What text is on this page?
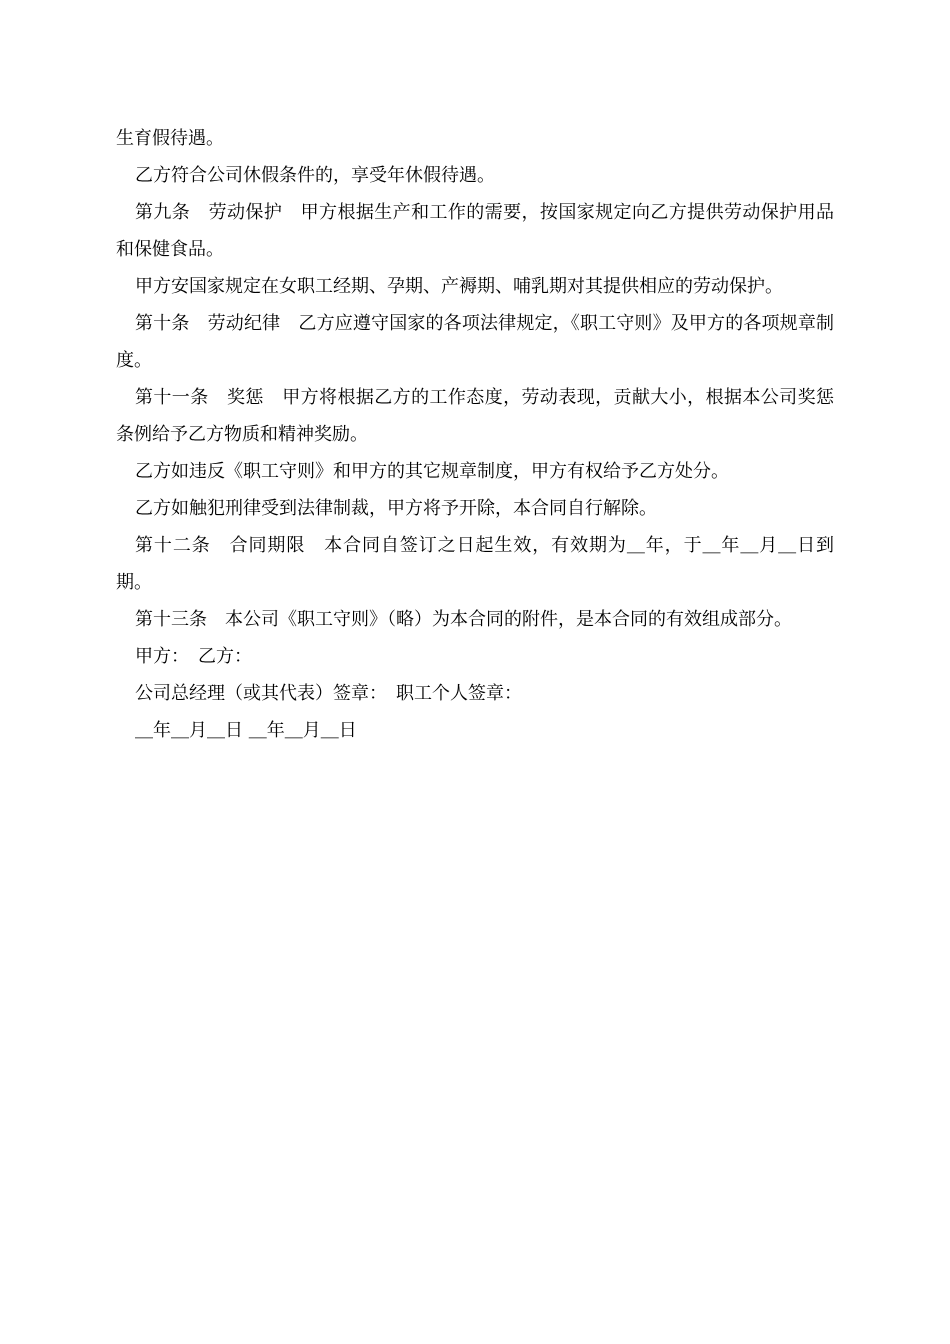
生育假待遇。

乙方符合公司休假条件的，享受年休假待遇。

第九条　劳动保护　甲方根据生产和工作的需要，按国家规定向乙方提供劳动保护用品和保健食品。

甲方安国家规定在女职工经期、孕期、产褥期、哺乳期对其提供相应的劳动保护。

第十条　劳动纪律　乙方应遵守国家的各项法律规定，《职工守则》及甲方的各项规章制度。

第十一条　奖惩　甲方将根据乙方的工作态度，劳动表现，贡献大小，根据本公司奖惩条例给予乙方物质和精神奖励。

乙方如违反《职工守则》和甲方的其它规章制度，甲方有权给予乙方处分。

乙方如触犯刑律受到法律制裁，甲方将予开除，本合同自行解除。

第十二条　合同期限　本合同自签订之日起生效，有效期为＿年，于＿年＿月＿日到期。

第十三条　本公司《职工守则》（略）为本合同的附件，是本合同的有效组成部分。

甲方：　乙方：

公司总经理（或其代表）签章：　职工个人签章：

＿年＿月＿日 ＿年＿月＿日
